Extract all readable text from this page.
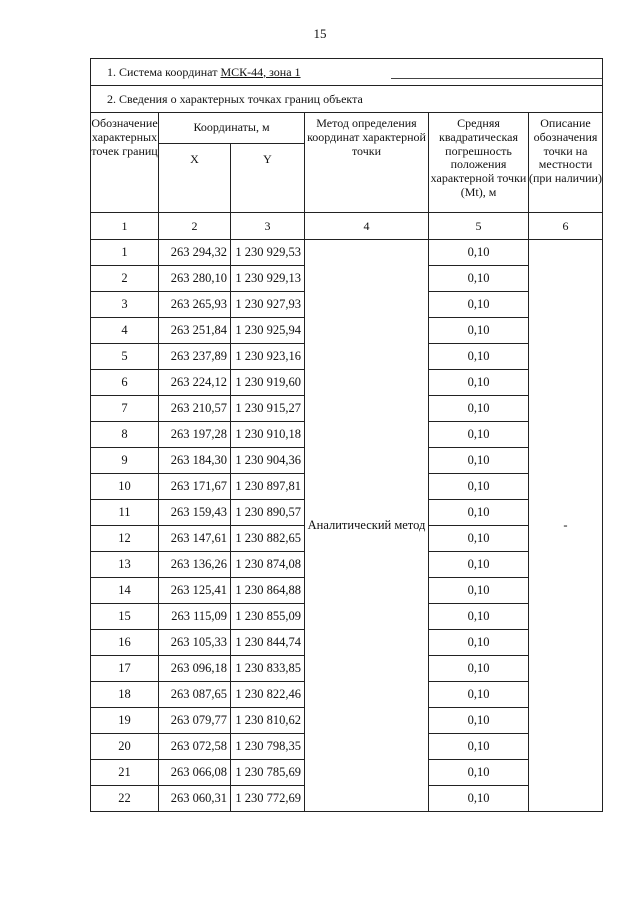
15
1. Система координат МСК-44, зона 1					

2. Сведения о характерных точках границ объекта					
Обозначение характерных точек границ	Координаты, м		Метод определения координат характерной точки	Средняя квадратическая погрешность положения характерной точки (Mt), м	Описание обозначения точки на местности (при наличии)
	X	Y			
1	2	3	4	5	6
1	263 294,32	1 230 929,53	Аналитический метод	0,10	-
2	263 280,10	1 230 929,13		0,10	
3	263 265,93	1 230 927,93		0,10	
4	263 251,84	1 230 925,94		0,10	
5	263 237,89	1 230 923,16		0,10	
6	263 224,12	1 230 919,60		0,10	
7	263 210,57	1 230 915,27		0,10	
8	263 197,28	1 230 910,18		0,10	
9	263 184,30	1 230 904,36		0,10	
10	263 171,67	1 230 897,81		0,10	
11	263 159,43	1 230 890,57		0,10	
12	263 147,61	1 230 882,65		0,10	
13	263 136,26	1 230 874,08		0,10	
14	263 125,41	1 230 864,88		0,10	
15	263 115,09	1 230 855,09		0,10	
16	263 105,33	1 230 844,74		0,10	
17	263 096,18	1 230 833,85		0,10	
18	263 087,65	1 230 822,46		0,10	
19	263 079,77	1 230 810,62		0,10	
20	263 072,58	1 230 798,35		0,10	
21	263 066,08	1 230 785,69		0,10	
22	263 060,31	1 230 772,69		0,10	
